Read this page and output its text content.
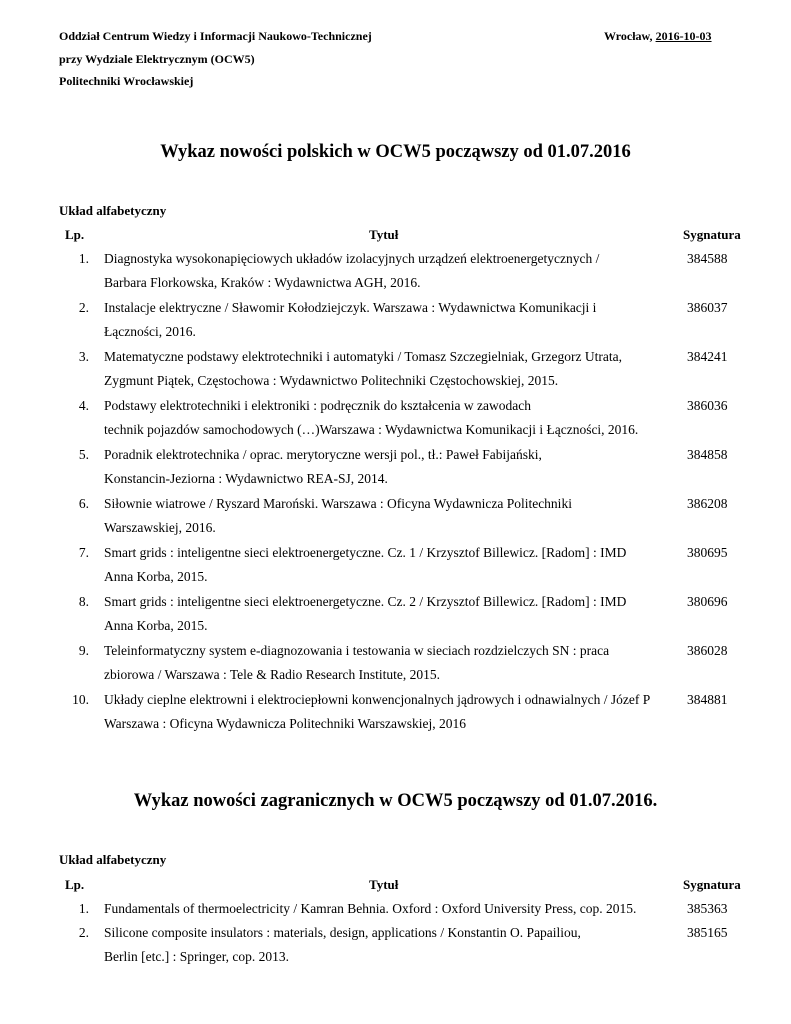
Oddział Centrum Wiedzy i Informacji Naukowo-Technicznej
przy Wydziale Elektrycznym (OCW5)
Politechniki Wrocławskiej
Wrocław, 2016-10-03
Wykaz nowości polskich w OCW5 począwszy od 01.07.2016
Układ alfabetyczny
Lp.	Tytuł	Sygnatura
1. Diagnostyka wysokonapięciowych układów izolacyjnych urządzeń elektroenergetycznych /
Barbara Florkowska, Kraków : Wydawnictwa AGH, 2016.
384588
2. Instalacje elektryczne / Sławomir Kołodziejczyk. Warszawa : Wydawnictwa Komunikacji i
Łączności, 2016.
386037
3. Matematyczne podstawy elektrotechniki i automatyki / Tomasz Szczegielniak, Grzegorz Utrata,
Zygmunt Piątek, Częstochowa : Wydawnictwo Politechniki Częstochowskiej, 2015.
384241
4. Podstawy elektrotechniki i elektroniki : podręcznik do kształcenia w zawodach
technik pojazdów samochodowych (…)Warszawa : Wydawnictwa Komunikacji i Łączności, 2016.
386036
5. Poradnik elektrotechnika / oprac. merytoryczne wersji pol., tł.: Paweł Fabijański,
Konstancin-Jeziorna : Wydawnictwo REA-SJ, 2014.
384858
6. Siłownie wiatrowe / Ryszard Maroński. Warszawa : Oficyna Wydawnicza Politechniki
Warszawskiej, 2016.
386208
7. Smart grids : inteligentne sieci elektroenergetyczne. Cz. 1 / Krzysztof Billewicz. [Radom] : IMD
Anna Korba, 2015.
380695
8. Smart grids : inteligentne sieci elektroenergetyczne. Cz. 2 / Krzysztof Billewicz. [Radom] : IMD
Anna Korba, 2015.
380696
9. Teleinformatyczny system e-diagnozowania i testowania w sieciach rozdzielczych SN : praca
zbiorowa / Warszawa : Tele & Radio Research Institute, 2015.
386028
10. Układy cieplne elektrowni i elektrociepłowni konwencjonalnych jądrowych i odnawialnych / Józef P
Warszawa : Oficyna Wydawnicza Politechniki Warszawskiej, 2016
384881
Wykaz nowości zagranicznych w OCW5 począwszy od 01.07.2016.
Układ alfabetyczny
Lp.	Tytuł	Sygnatura
1. Fundamentals of thermoelectricity / Kamran Behnia. Oxford : Oxford University Press, cop. 2015.	385363
2. Silicone composite insulators : materials, design, applications / Konstantin O. Papailiou,
Berlin [etc.] : Springer, cop. 2013.
385165
